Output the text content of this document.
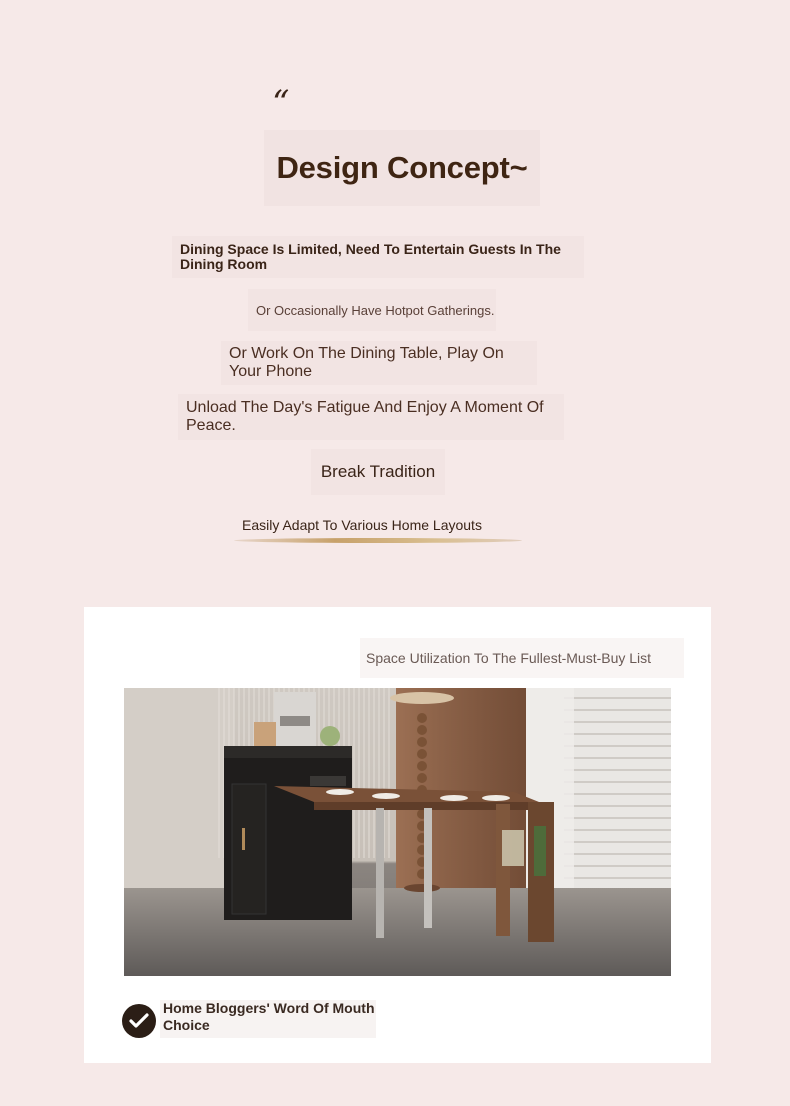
“
Design Concept~
Dining Space Is Limited, Need To Entertain Guests In The Dining Room
Or Occasionally Have Hotpot Gatherings.
Or Work On The Dining Table, Play On Your Phone
Unload The Day's Fatigue And Enjoy A Moment Of Peace.
Break Tradition
Easily Adapt To Various Home Layouts
Space Utilization To The Fullest-Must-Buy List
Home Bloggers' Word Of Mouth Choice
